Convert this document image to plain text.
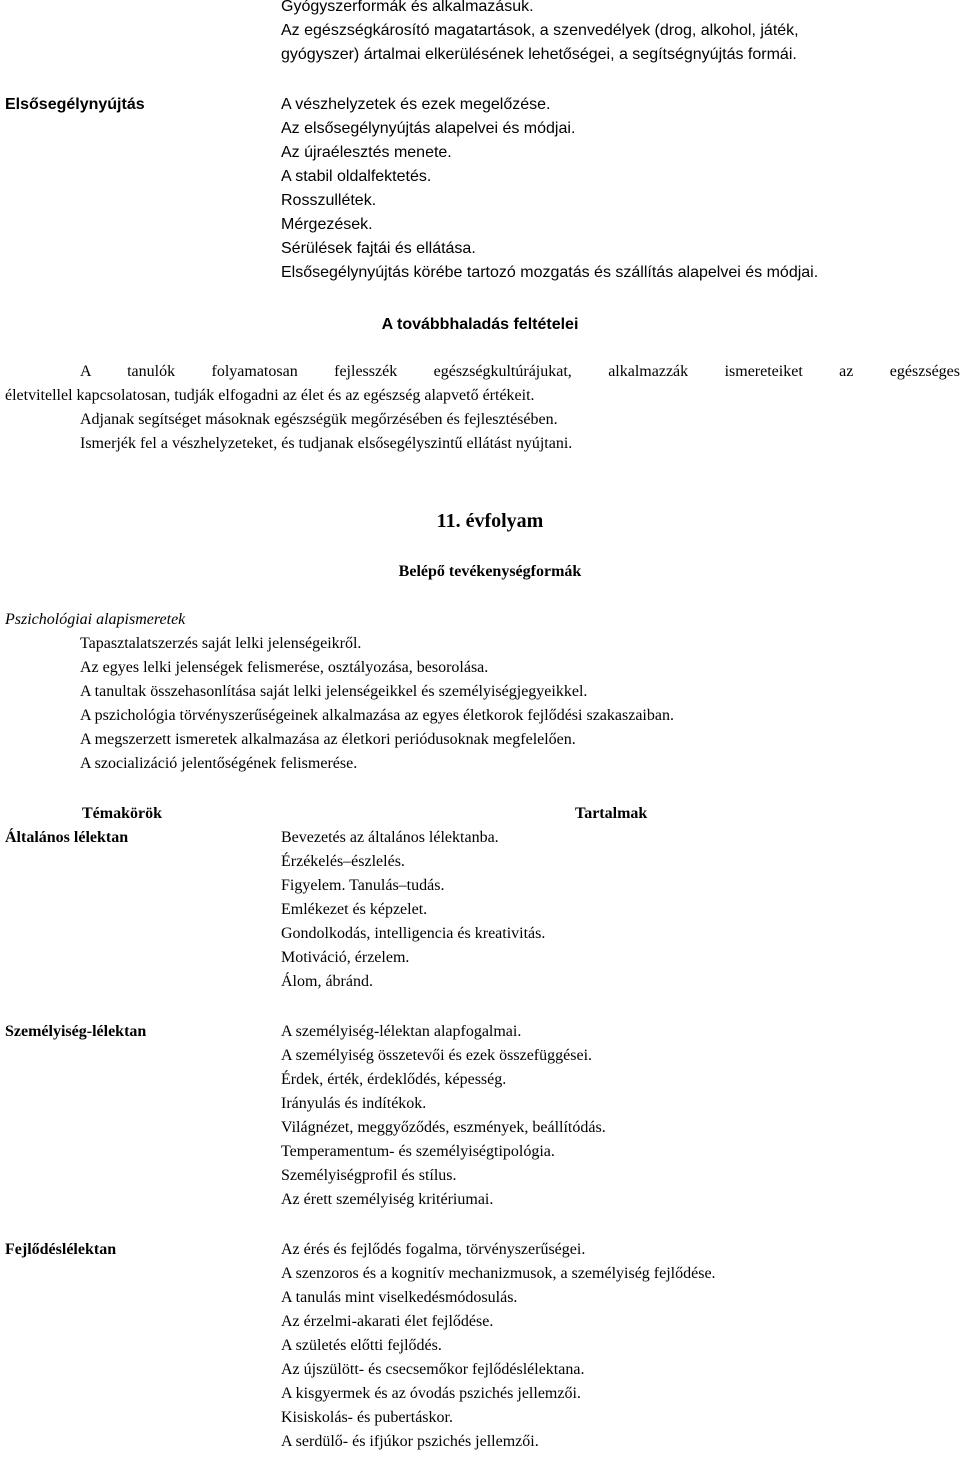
Gyógyszerformák és alkalmazásuk.
Az egészségkárosító magatartások, a szenvedélyek (drog, alkohol, játék,
gyógyszer) ártalmai elkerülésének lehetőségei, a segítségnyújtás formái.
Elsősegélynyújtás	A vészhelyzetek és ezek megelőzése.
Az elsősegélynyújtás alapelvei és módjai.
Az újraélesztés menete.
A stabil oldalfektetés.
Rosszullétek.
Mérgezések.
Sérülések fajtái és ellátása.
Elsősegélynyújtás körébe tartozó mozgatás és szállítás alapelvei és módjai.
A továbbhaladás feltételei
A tanulók folyamatosan fejlesszék egészségkultúrájukat, alkalmazzák ismereteiket az egészséges
életvitellel kapcsolatosan, tudják elfogadni az élet és az egészség alapvető értékeit.
Adjanak segítséget másoknak egészségük megőrzésében és fejlesztésében.
Ismerjék fel a vészhelyzeteket, és tudjanak elsősegélyszintű ellátást nyújtani.
11. évfolyam
Belépő tevékenységformák
Pszichológiai alapismeretek
Tapasztalatszerzés saját lelki jelenségeikről.
Az egyes lelki jelenségek felismerése, osztályozása, besorolása.
A tanultak összehasonlítása saját lelki jelenségeikkel és személyiségjegyeikkel.
A pszichológia törvényszerűségeinek alkalmazása az egyes életkorok fejlődési szakaszaiban.
A megszerzett ismeretek alkalmazása az életkori periódusoknak megfelelően.
A szocializáció jelentőségének felismerése.
Témakörök	Tartalmak
Általános lélektan	Bevezetés az általános lélektanba.
Érzékelés–észlelés.
Figyelem. Tanulás–tudás.
Emlékezet és képzelet.
Gondolkodás, intelligencia és kreativitás.
Motiváció, érzelem.
Álom, ábránd.
Személyiség-lélektan	A személyiség-lélektan alapfogalmai.
A személyiség összetevői és ezek összefüggései.
Érdek, érték, érdeklődés, képesség.
Irányulás és indítékok.
Világnézet, meggyőződés, eszmények, beállítódás.
Temperamentum- és személyiségtipológia.
Személyiségprofil és stílus.
Az érett személyiség kritériumai.
Fejlődéslélektan	Az érés és fejlődés fogalma, törvényszerűségei.
A szenzoros és a kognitív mechanizmusok, a személyiség fejlődése.
A tanulás mint viselkedésmódosulás.
Az érzelmi-akarati élet fejlődése.
A születés előtti fejlődés.
Az újszülött- és csecsemőkor fejlődéslélektana.
A kisgyermek és az óvodás pszichés jellemzői.
Kisiskolás- és pubertáskor.
A serdülő- és ifjúkor pszichés jellemzői.
